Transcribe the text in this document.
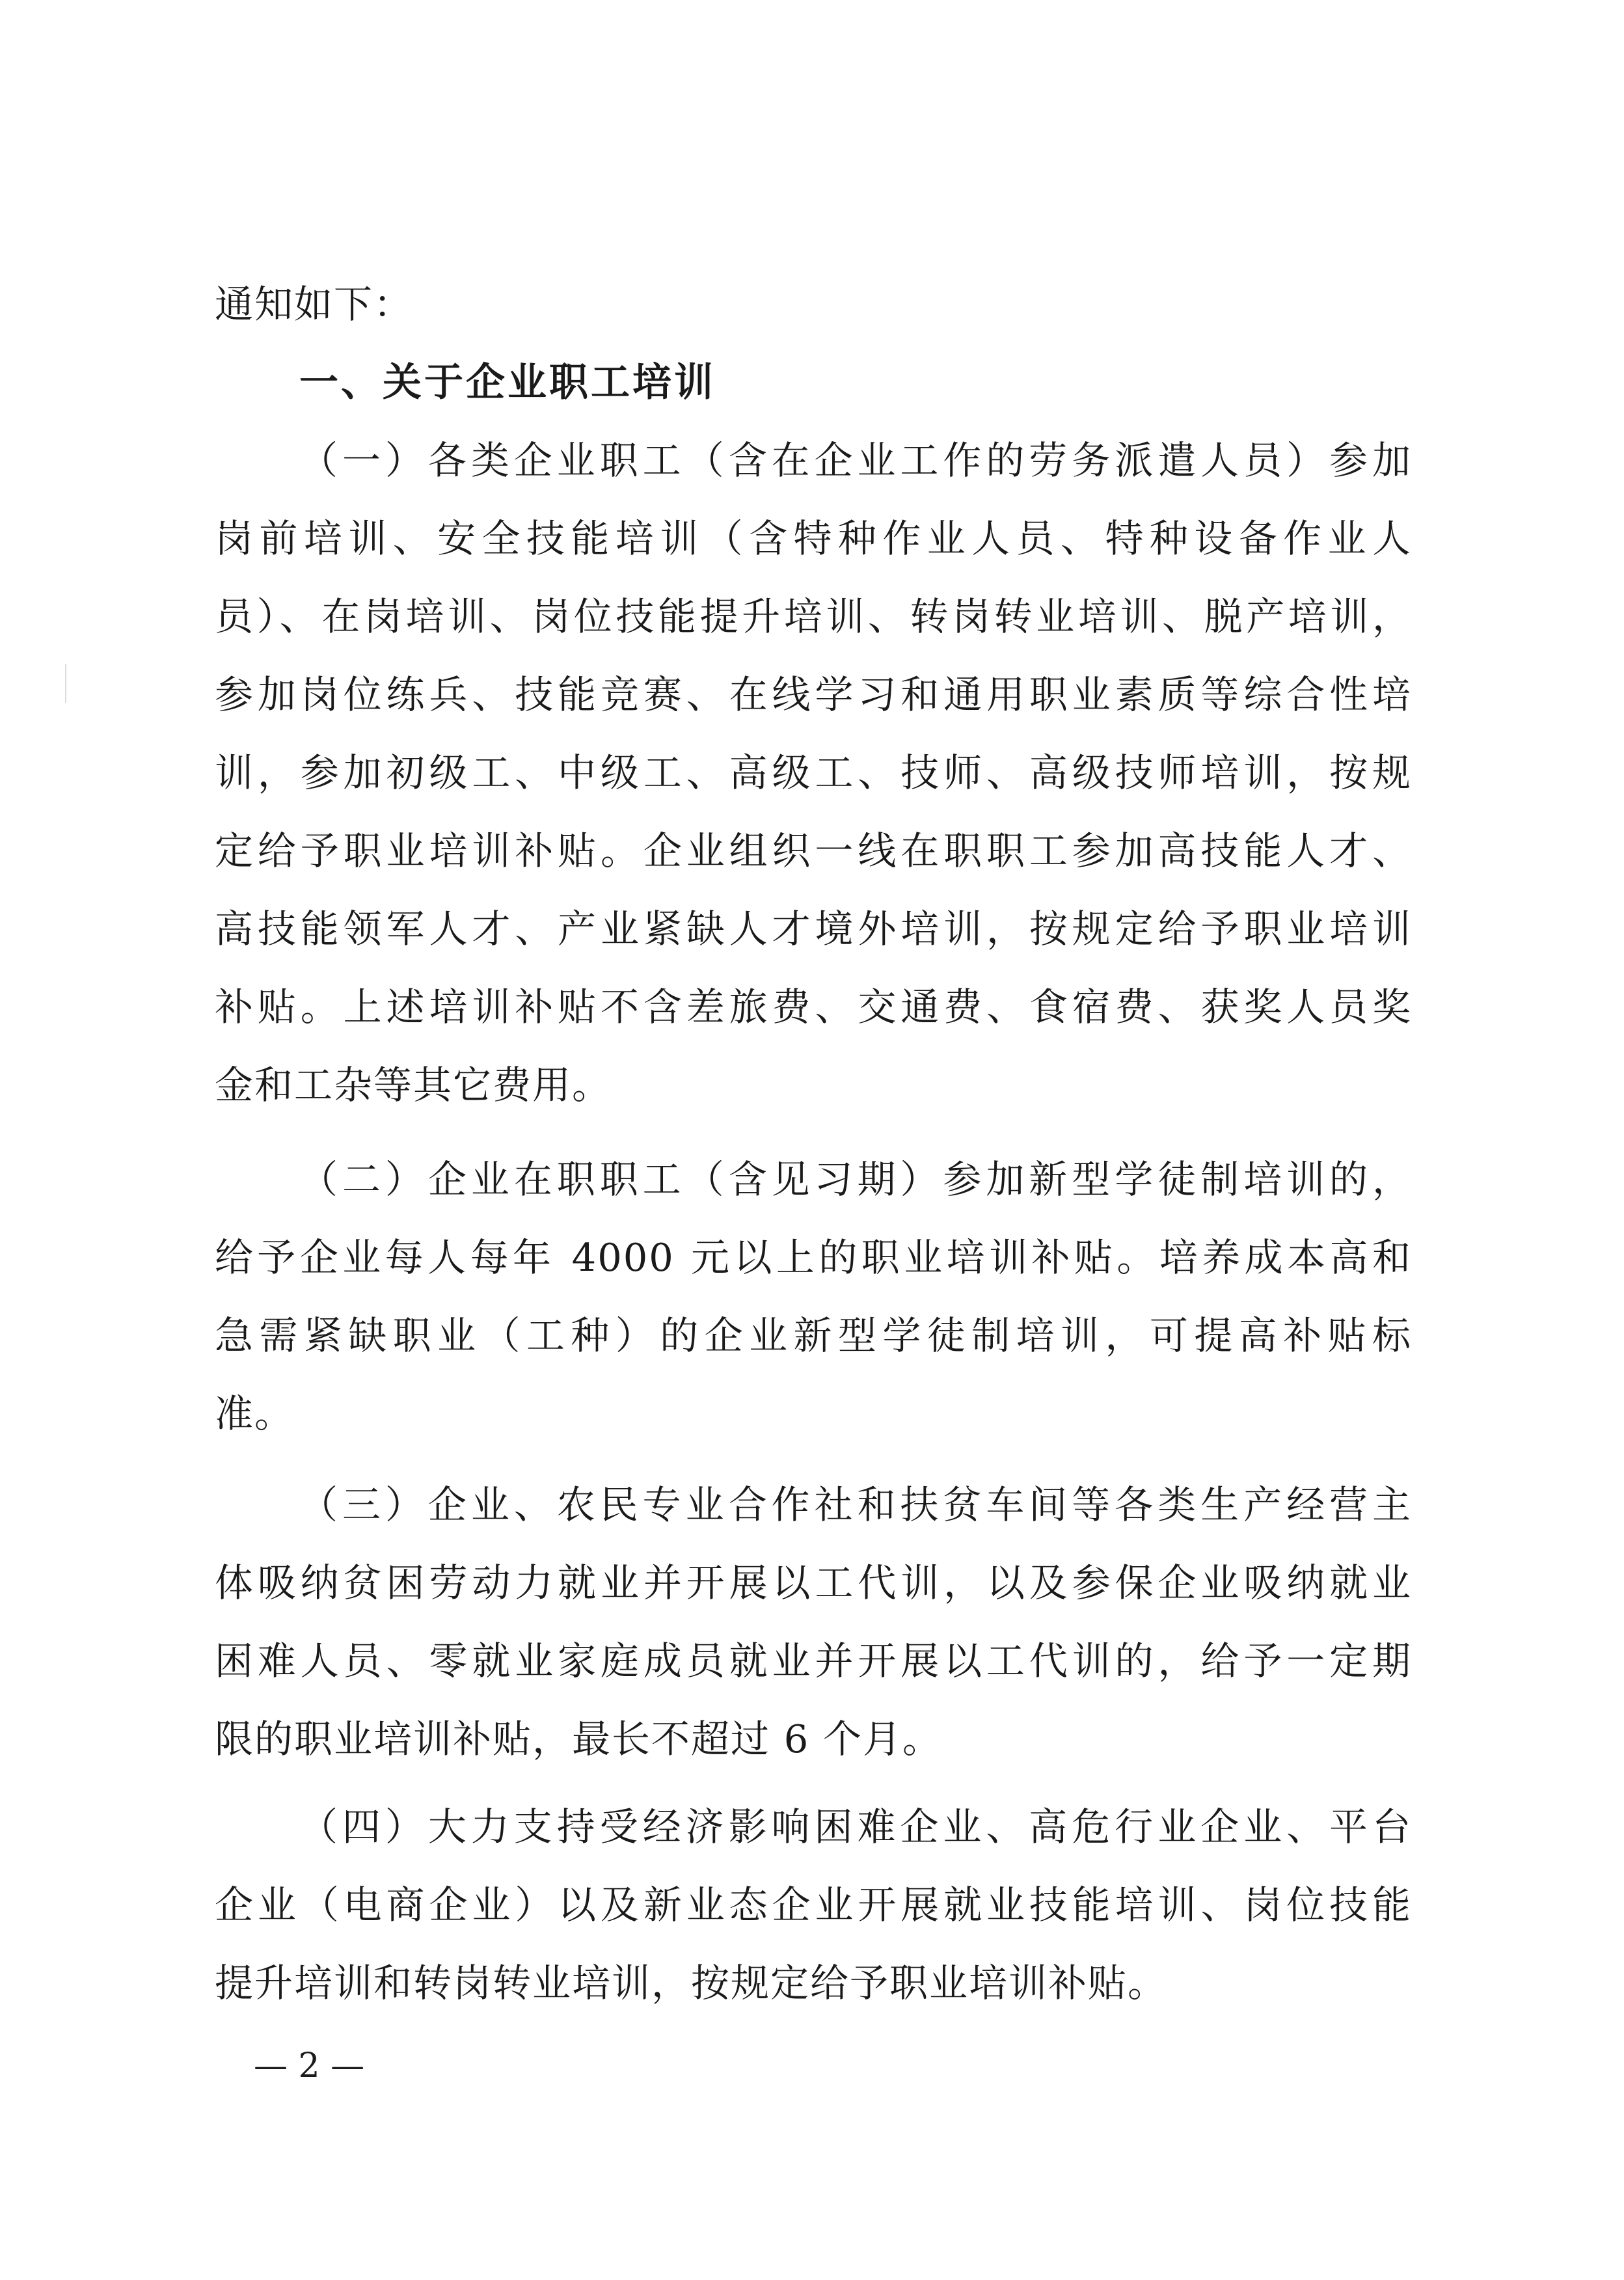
通知如下：
一、关于企业职工培训
（一）各类企业职工（含在企业工作的劳务派遣人员）参加
岗前培训、安全技能培训（含特种作业人员、特种设备作业人
员）、在岗培训、岗位技能提升培训、转岗转业培训、脱产培训，
参加岗位练兵、技能竞赛、在线学习和通用职业素质等综合性培
训，参加初级工、中级工、高级工、技师、高级技师培训，按规
定给予职业培训补贴。企业组织一线在职职工参加高技能人才、
高技能领军人才、产业紧缺人才境外培训，按规定给予职业培训
补贴。上述培训补贴不含差旅费、交通费、食宿费、获奖人员奖
金和工杂等其它费用。
（二）企业在职职工（含见习期）参加新型学徒制培训的，
给予企业每人每年 4000 元以上的职业培训补贴。培养成本高和
急需紧缺职业（工种）的企业新型学徒制培训，可提高补贴标
准。
（三）企业、农民专业合作社和扶贫车间等各类生产经营主
体吸纳贫困劳动力就业并开展以工代训，以及参保企业吸纳就业
困难人员、零就业家庭成员就业并开展以工代训的，给予一定期
限的职业培训补贴，最长不超过 6 个月。
（四）大力支持受经济影响困难企业、高危行业企业、平台
企业（电商企业）以及新业态企业开展就业技能培训、岗位技能
提升培训和转岗转业培训，按规定给予职业培训补贴。
— 2 —
